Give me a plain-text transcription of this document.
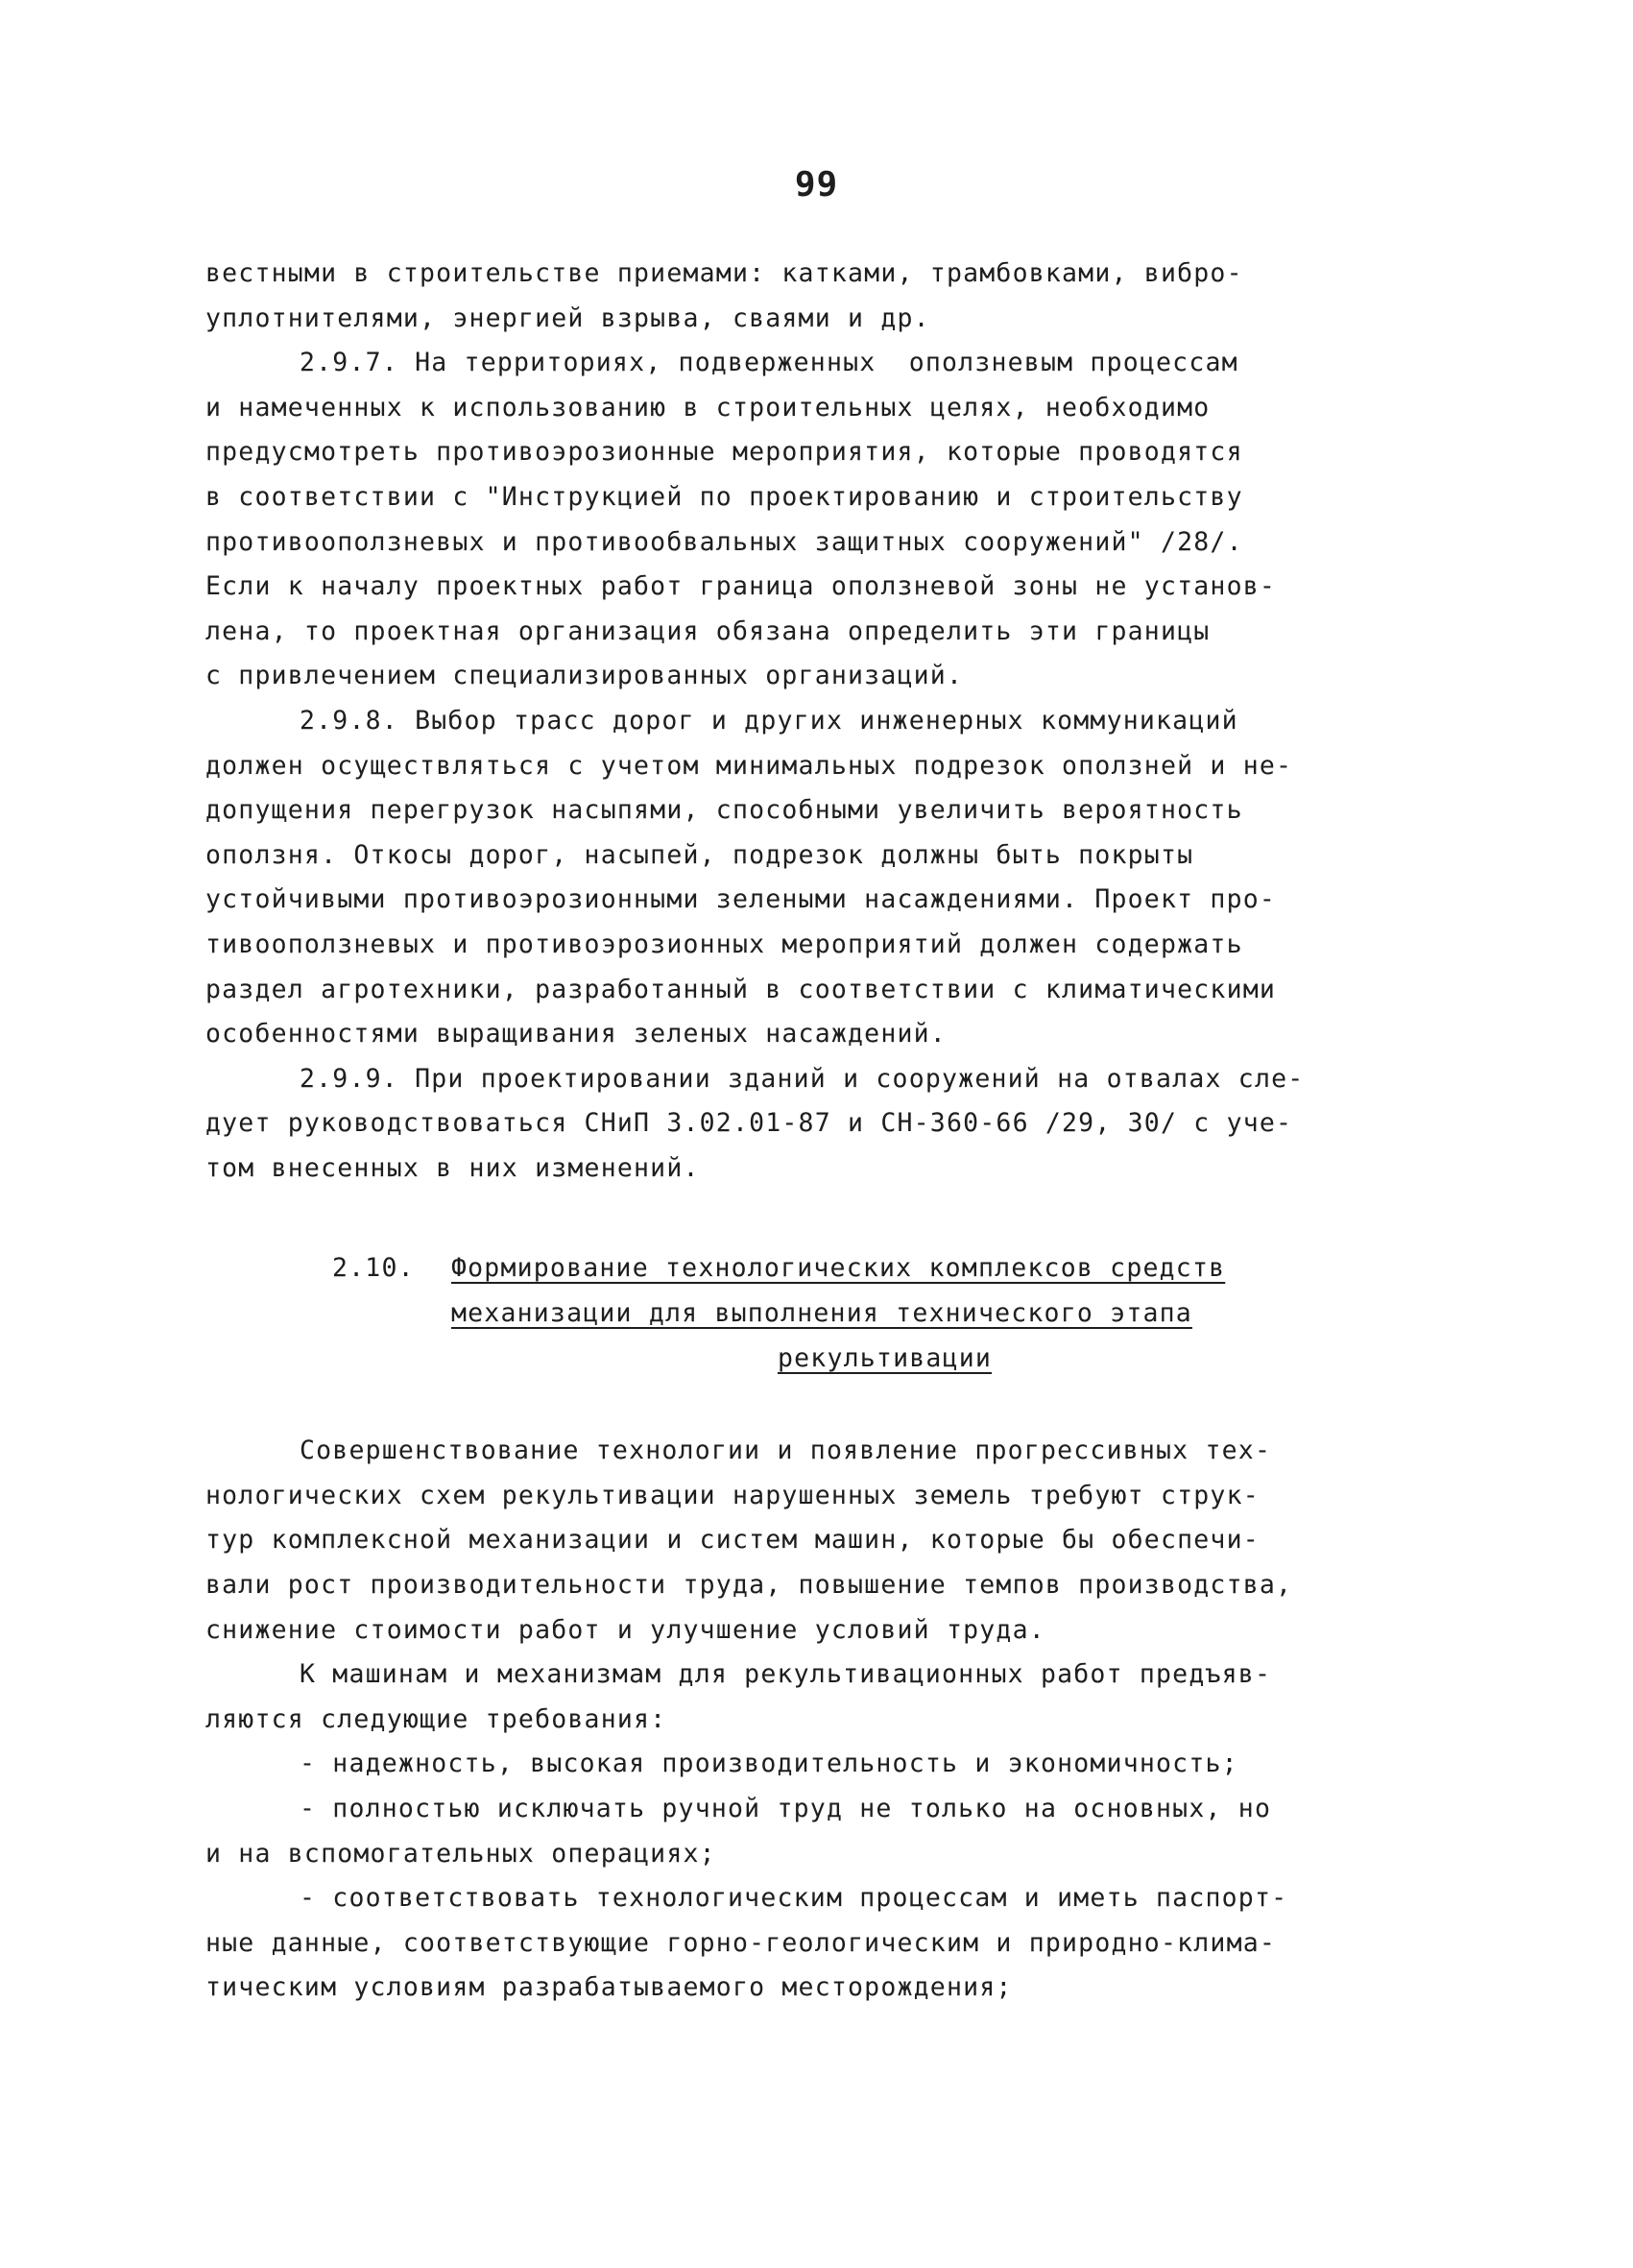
99
вестными в строительстве приемами: катками, трамбовками, вибро-
уплотнителями, энергией взрыва, сваями и др.
2.9.7. На территориях, подверженных  оползневым процессам
и намеченных к использованию в строительных целях, необходимо
предусмотреть противоэрозионные мероприятия, которые проводятся
в соответствии с "Инструкцией по проектированию и строительству
противооползневых и противообвальных защитных сооружений" /28/.
Если к началу проектных работ граница оползневой зоны не установ-
лена, то проектная организация обязана определить эти границы
с привлечением специализированных организаций.
2.9.8. Выбор трасс дорог и других инженерных коммуникаций
должен осуществляться с учетом минимальных подрезок оползней и не-
допущения перегрузок насыпями, способными увеличить вероятность
оползня. Откосы дорог, насыпей, подрезок должны быть покрыты
устойчивыми противоэрозионными зелеными насаждениями. Проект про-
тивооползневых и противоэрозионных мероприятий должен содержать
раздел агротехники, разработанный в соответствии с климатическими
особенностями выращивания зеленых насаждений.
2.9.9. При проектировании зданий и сооружений на отвалах сле-
дует руководствоваться СНиП 3.02.01-87 и СН-360-66 /29, 30/ с уче-
том внесенных в них изменений.
2.10. Формирование технологических комплексов средств
механизации для выполнения технического этапа
рекультивации
Совершенствование технологии и появление прогрессивных тех-
нологических схем рекультивации нарушенных земель требуют струк-
тур комплексной механизации и систем машин, которые бы обеспечи-
вали рост производительности труда, повышение темпов производства,
снижение стоимости работ и улучшение условий труда.
К машинам и механизмам для рекультивационных работ предъяв-
ляются следующие требования:
- надежность, высокая производительность и экономичность;
- полностью исключать ручной труд не только на основных, но
и на вспомогательных операциях;
- соответствовать технологическим процессам и иметь паспорт-
ные данные, соответствующие горно-геологическим и природно-клима-
тическим условиям разрабатываемого месторождения;
